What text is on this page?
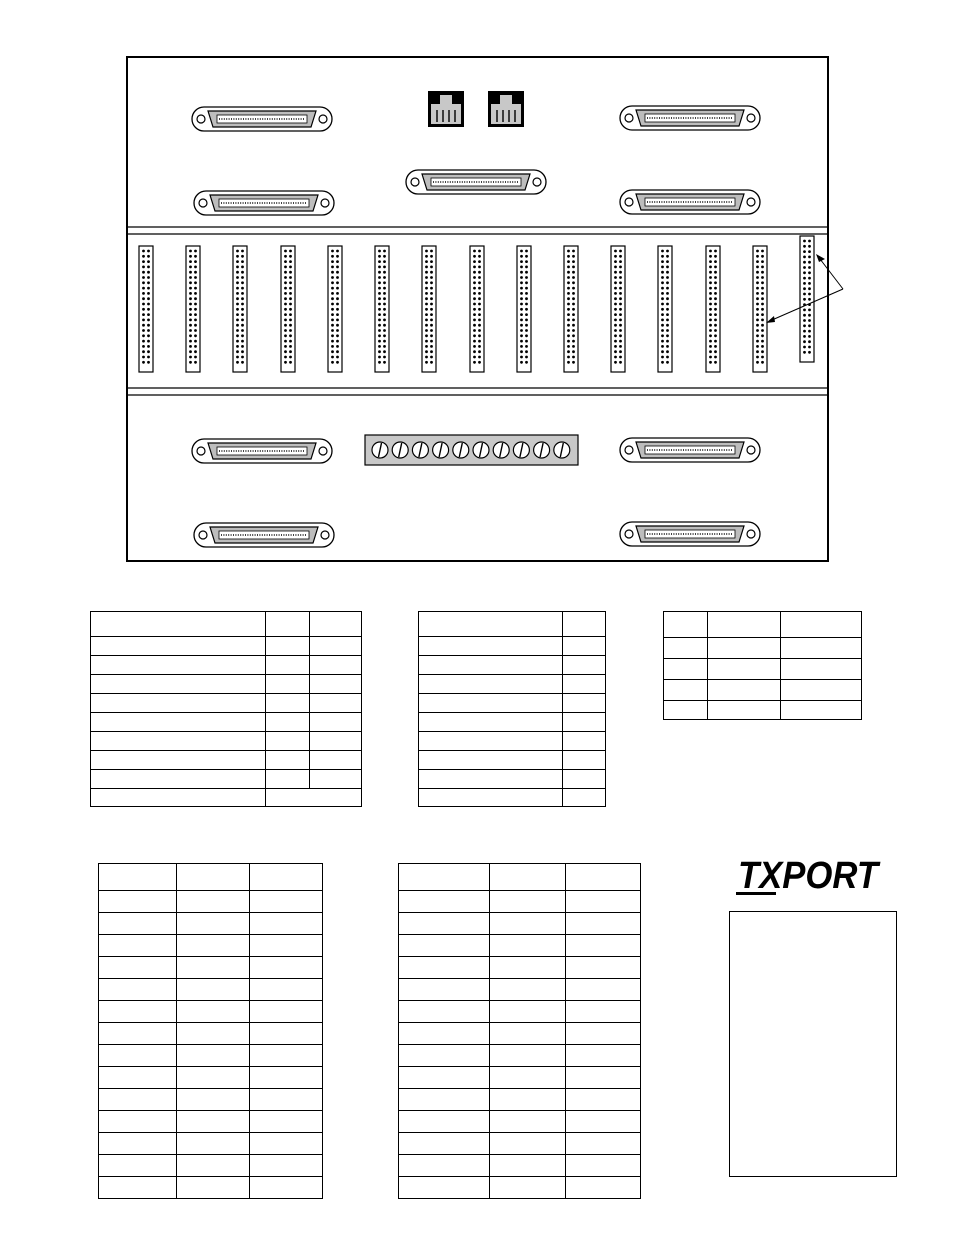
TXPORT
